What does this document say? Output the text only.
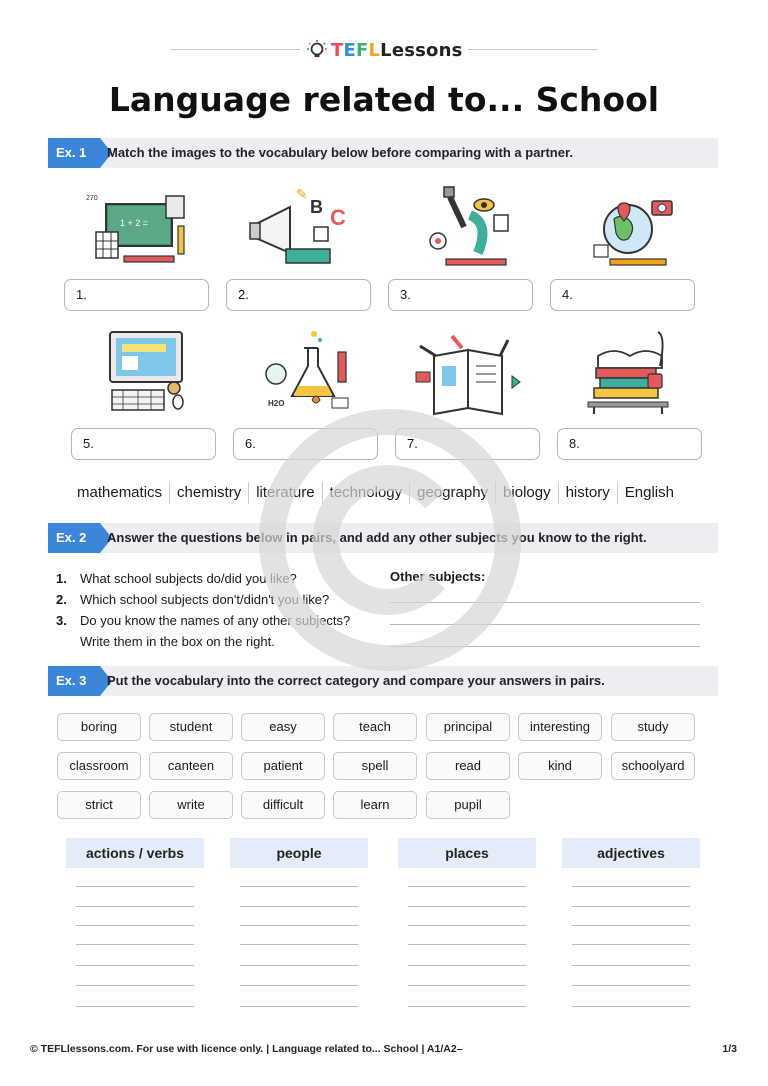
TEFLLessons
Language related to... School
Ex. 1	Match the images to the vocabulary below before comparing with a partner.
270
1 + 2 =
B C
✎
1.	2.	3.	4.
H2O
5.	6.	7.	8.
mathematics	chemistry	literature	technology	geography	biology	history	English
Ex. 2	Answer the questions below in pairs, and add any other subjects you know to the right.
1.	What school subjects do/did you like?
2.	Which school subjects don't/didn't you like?
3.	Do you know the names of any other subjects?
Write them in the box on the right.
Other subjects:
Ex. 3	Put the vocabulary into the correct category and compare your answers in pairs.
boring	student	easy	teach	principal	interesting	study
classroom	canteen	patient	spell	read	kind	schoolyard
strict	write	difficult	learn	pupil
actions / verbs	people	places	adjectives
© TEFLlessons.com. For use with licence only. | Language related to... School | A1/A2–	1/3
